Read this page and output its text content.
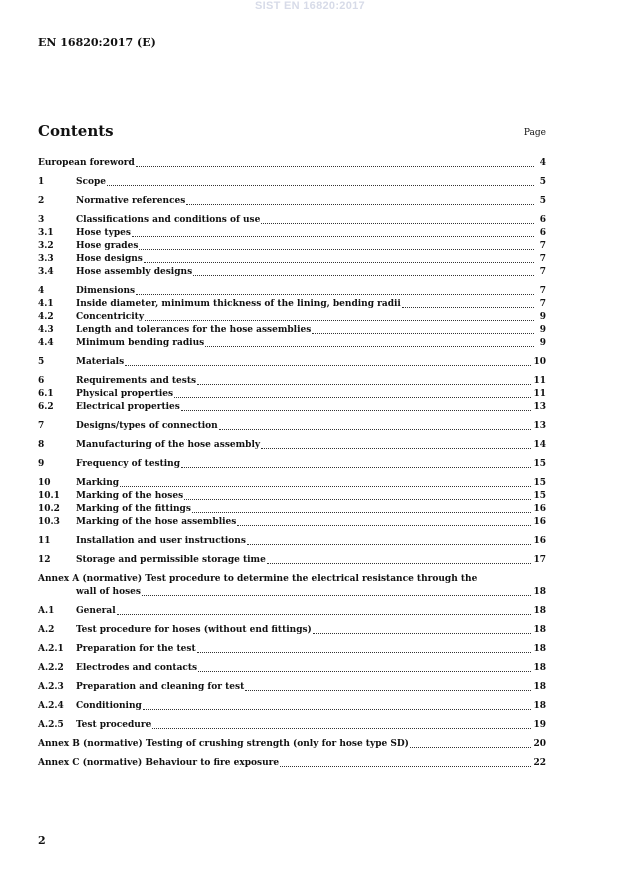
SIST EN 16820:2017
EN 16820:2017 (E)
Contents	Page
European foreword	4
1	Scope	5
2	Normative references	5
3	Classifications and conditions of use	6
3.1	Hose types	6
3.2	Hose grades	7
3.3	Hose designs	7
3.4	Hose assembly designs	7
4	Dimensions	7
4.1	Inside diameter, minimum thickness of the lining, bending radii	7
4.2	Concentricity	9
4.3	Length and tolerances for the hose assemblies	9
4.4	Minimum bending radius	9
5	Materials	10
6	Requirements and tests	11
6.1	Physical properties	11
6.2	Electrical properties	13
7	Designs/types of connection	13
8	Manufacturing of the hose assembly	14
9	Frequency of testing	15
10	Marking	15
10.1	Marking of the hoses	15
10.2	Marking of the fittings	16
10.3	Marking of the hose assemblies	16
11	Installation and user instructions	16
12	Storage and permissible storage time	17
Annex A (normative) Test procedure to determine the electrical resistance through the
wall of hoses	18
A.1	General	18
A.2	Test procedure for hoses (without end fittings)	18
A.2.1	Preparation for the test	18
A.2.2	Electrodes and contacts	18
A.2.3	Preparation and cleaning for test	18
A.2.4	Conditioning	18
A.2.5	Test procedure	19
Annex B (normative) Testing of crushing strength (only for hose type SD)	20
Annex C (normative) Behaviour to fire exposure	22
2
